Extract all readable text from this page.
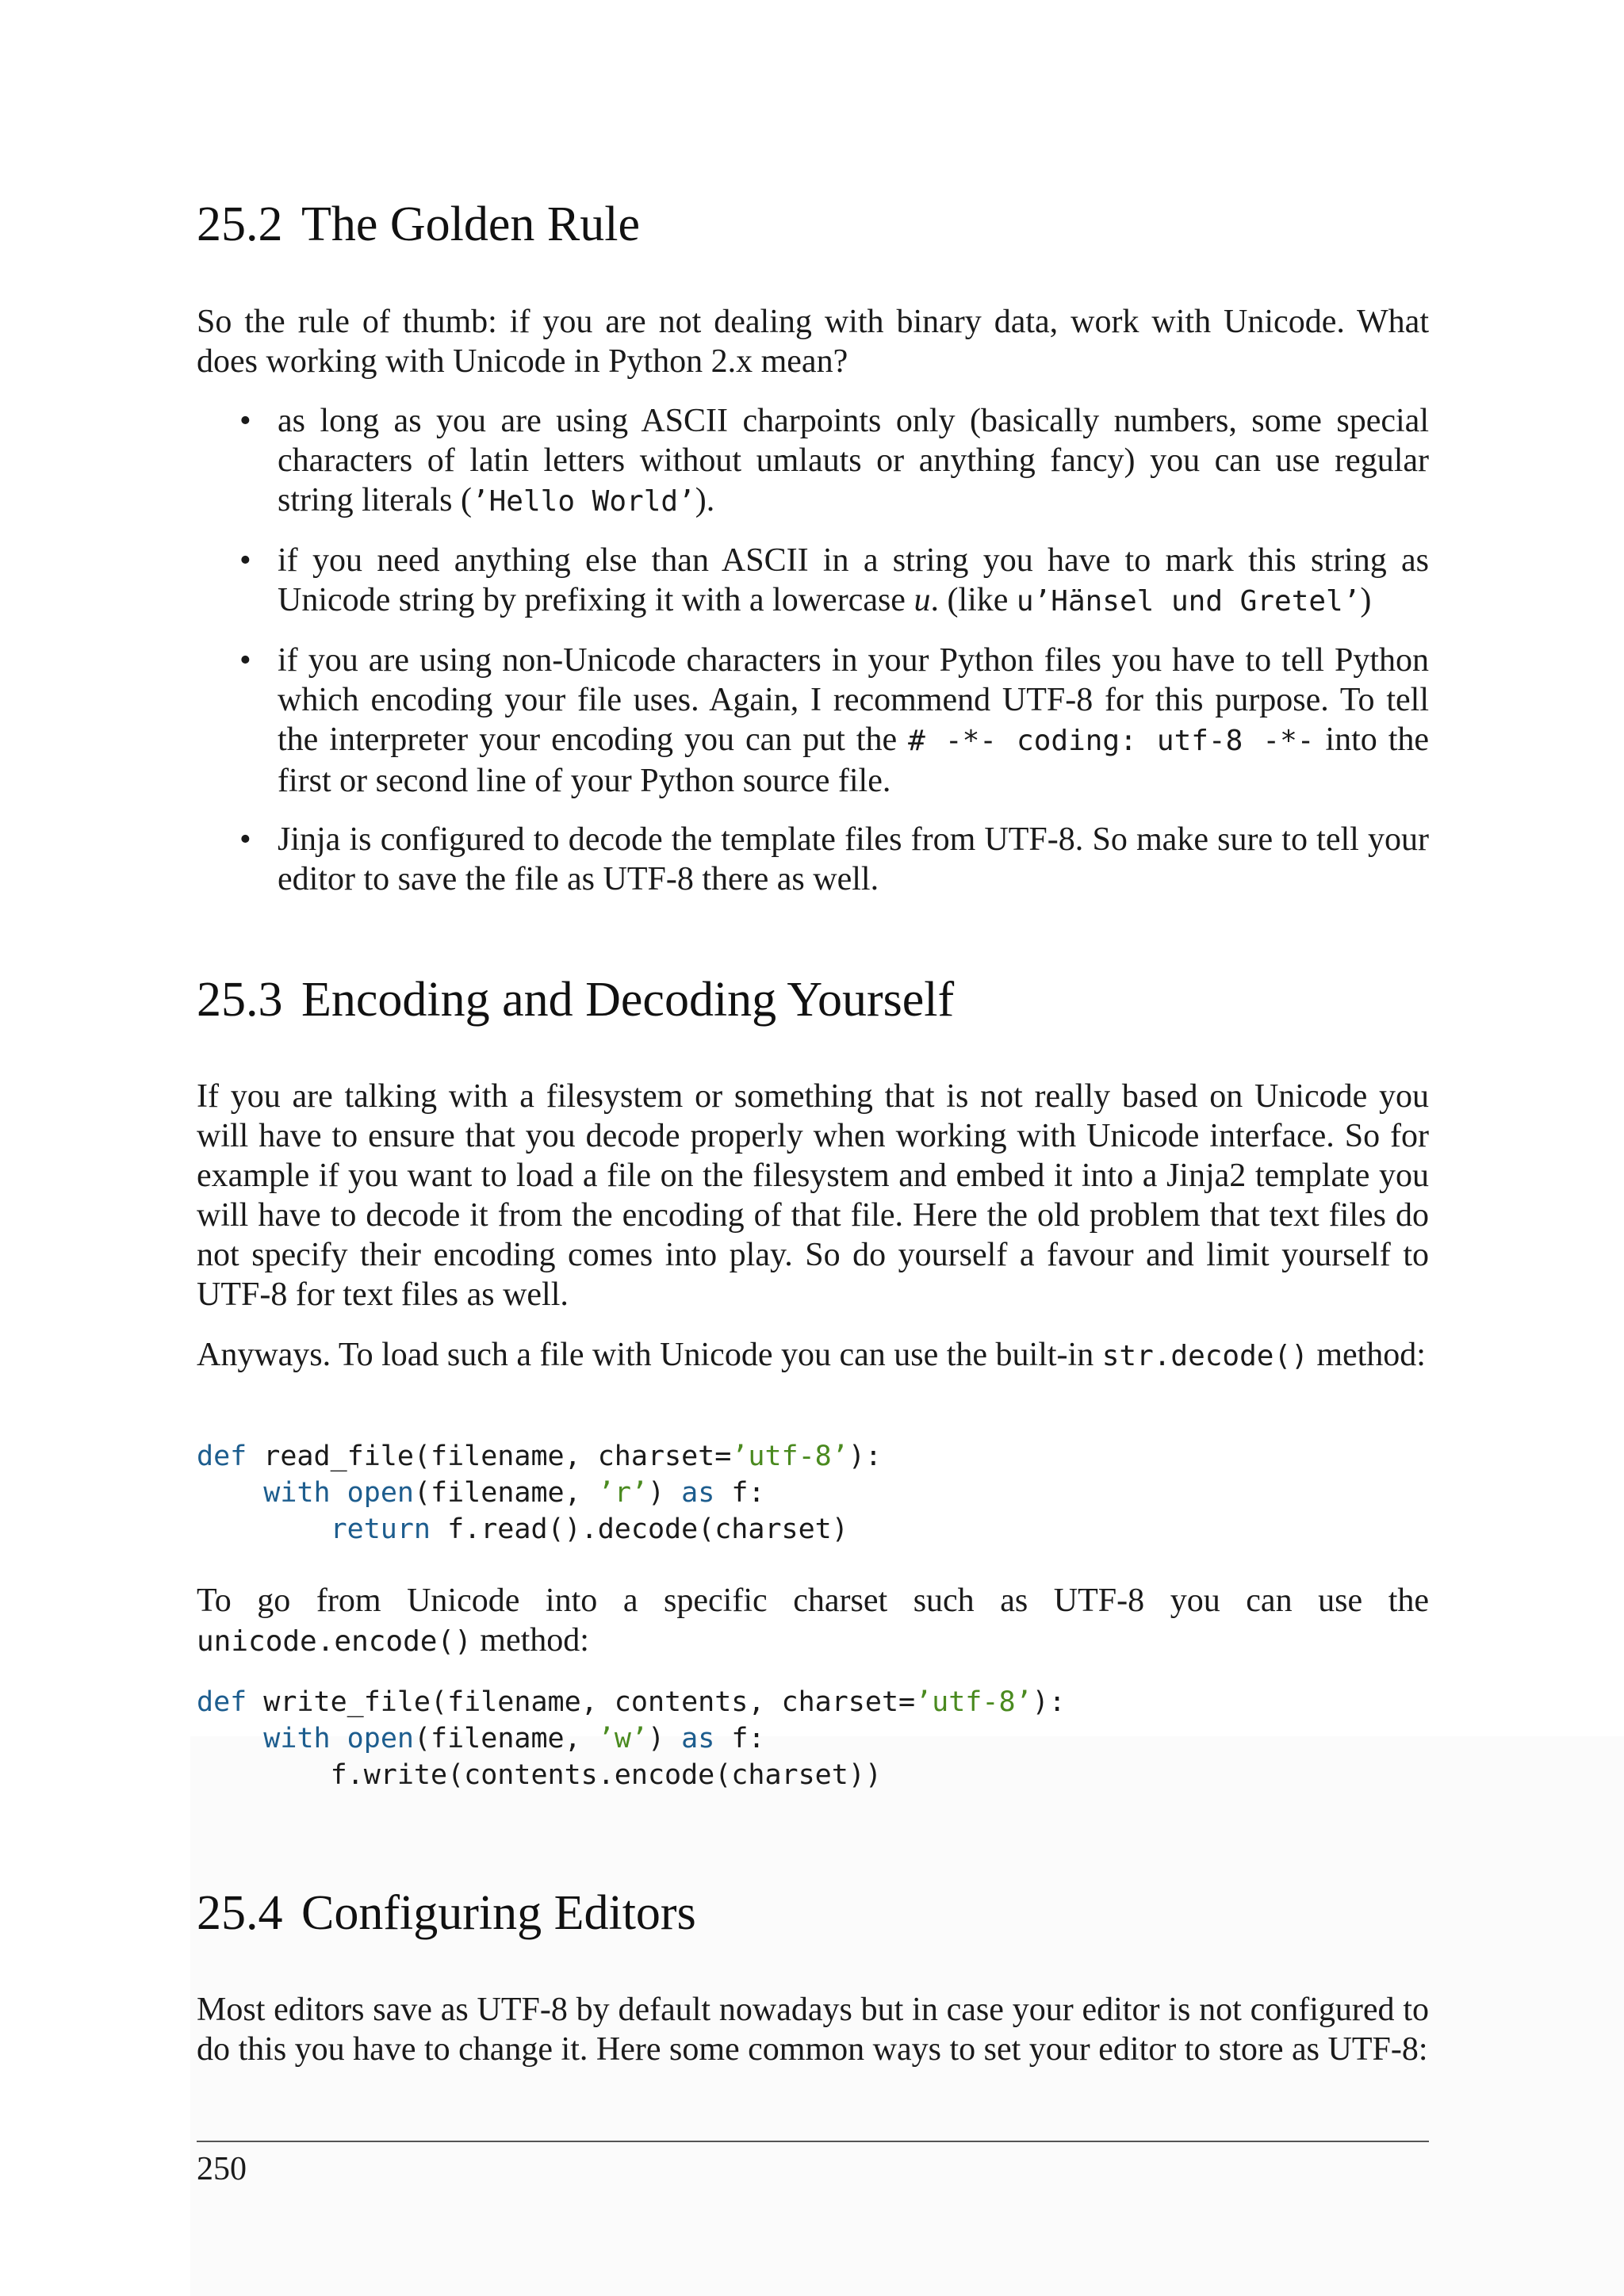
25.2 The Golden Rule

So the rule of thumb: if you are not dealing with binary data, work with Unicode. What does working with Unicode in Python 2.x mean?

• as long as you are using ASCII charpoints only (basically numbers, some special characters of latin letters without umlauts or anything fancy) you can use regular string literals (’Hello World’).
• if you need anything else than ASCII in a string you have to mark this string as Unicode string by prefixing it with a lowercase u. (like u’Hänsel und Gretel’)
• if you are using non-Unicode characters in your Python files you have to tell Python which encoding your file uses. Again, I recommend UTF-8 for this purpose. To tell the interpreter your encoding you can put the # -*- coding: utf-8 -*- into the first or second line of your Python source file.
• Jinja is configured to decode the template files from UTF-8. So make sure to tell your editor to save the file as UTF-8 there as well.
25.3 Encoding and Decoding Yourself

If you are talking with a filesystem or something that is not really based on Unicode you will have to ensure that you decode properly when working with Unicode interface. So for example if you want to load a file on the filesystem and embed it into a Jinja2 template you will have to decode it from the encoding of that file. Here the old problem that text files do not specify their encoding comes into play. So do yourself a favour and limit yourself to UTF-8 for text files as well.

Anyways. To load such a file with Unicode you can use the built-in str.decode() method:

def read_file(filename, charset=’utf-8’):
with open(filename, ’r’) as f:
return f.read().decode(charset)

To go from Unicode into a specific charset such as UTF-8 you can use the unicode.encode() method:

def write_file(filename, contents, charset=’utf-8’):
with open(filename, ’w’) as f:
f.write(contents.encode(charset))
25.4 Configuring Editors

Most editors save as UTF-8 by default nowadays but in case your editor is not configured to do this you have to change it. Here some common ways to set your editor to store as UTF-8:

250
